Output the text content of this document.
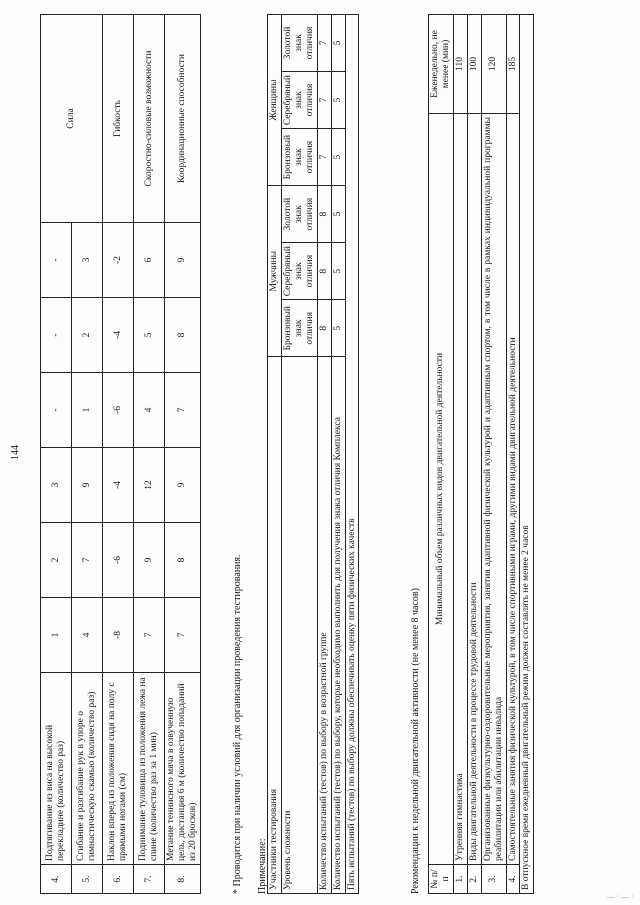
144
4.	Подтягивание из виса на высокой перекладине (количество раз)	1	2	3	-	-	-	Сила
5.	Сгибание и разгибание рук в упоре о гимнастическую скамью (количество раз)	4	7	9	1	2	3	
6.	Наклон вперед из положения сидя на полу с прямыми ногами (см)	-8	-6	-4	-6	-4	-2	Гибкость
7.	Поднимание туловища из положения лежа на спине (количество раз за 1 мин)	7	9	12	4	5	6	Скоростно-силовые возможности
8.	Метание теннисного мяча в озвученную цель, дистанция 6 м (количество попаданий из 20 бросков)	7	8	9	7	8	9	Координационные способности
* Проводится при наличии условий для организации проведения тестирования. Примечание: Участники тестирования	Мужчины			Женщины		
Уровень сложности	Бронзовый знак отличия	Серебряный знак отличия	Золотой знак отличия	Бронзовый знак отличия	Серебряный знак отличия	Золотой знак отличия
Количество испытаний (тестов) по выбору в возрастной группе	8	8	8	7	7	7
Количество испытаний (тестов) по выбору, которые необходимо выполнить для получения знака отличия Комплекса	5	5	5	5	5	5
Пять испытаний (тестов) по выбору должны обеспечивать оценку пяти физических качеств							Рекомендации к недельной двигательной активности (не менее 8 часов) № п/п	Минимальный объем различных видов двигательной деятельности	Еженедельно, не менее (мин)
1.	Утренняя гимнастика	110
2.	Виды двигательной деятельности в процессе трудовой деятельности	100
3.	Организованные физкультурно-оздоровительные мероприятия, занятия адаптивной физической культурой и адаптивным спортом, в том числе в рамках индивидуальной программы реабилитации или абилитации инвалида	120
4.	Самостоятельные занятия физической культурой, в том числе спортивными играми, другими видами двигательной деятельности	185
В отпускное время ежедневный двигательный режим должен составлять не менее 2 часов		
— · — ·
